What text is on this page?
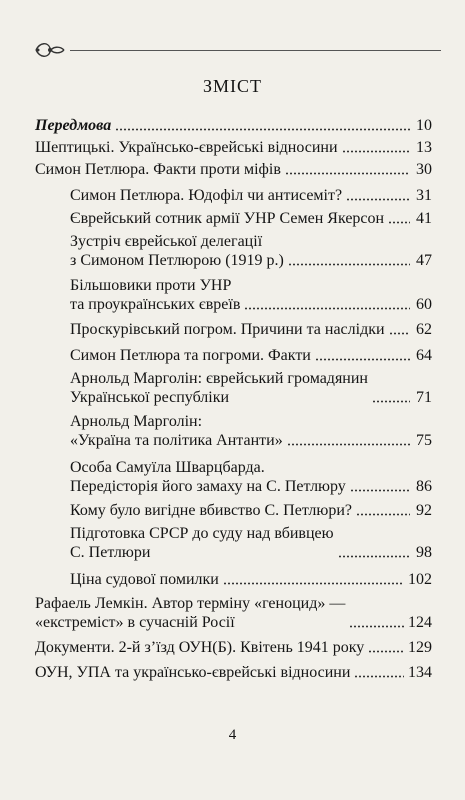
ЗМІСТ
Передмова	10
Шептицькі. Українсько-єврейські відносини	13
Симон Петлюра. Факти проти міфів	30
Симон Петлюра. Юдофіл чи антисеміт?	31
Єврейський сотник армії УНР Семен Якерсон 41
Зустріч єврейської делегації
з Симоном Петлюрою (1919 р.)	47
Більшовики проти УНР
та проукраїнських євреїв	60
Проскурівський погром. Причини та наслідки 62
Симон Петлюра та погроми. Факти	64
Арнольд Марголін: єврейський громадянин
Української республіки	71
Арнольд Марголін:
«Україна та політика Антанти»	75
Особа Самуїла Шварцбарда.
Передісторія його замаху на С. Петлюру	86
Кому було вигідне вбивство С. Петлюри?	92
Підготовка СРСР до суду над вбивцею
С. Петлюри	98
Ціна судової помилки	102
Рафаель Лемкін. Автор терміну «геноцид» —
«екстреміст» в сучасній Росії	124
Документи. 2-й з’їзд ОУН(Б). Квітень 1941 року	129
ОУН, УПА та українсько-єврейські відносини	134
4
